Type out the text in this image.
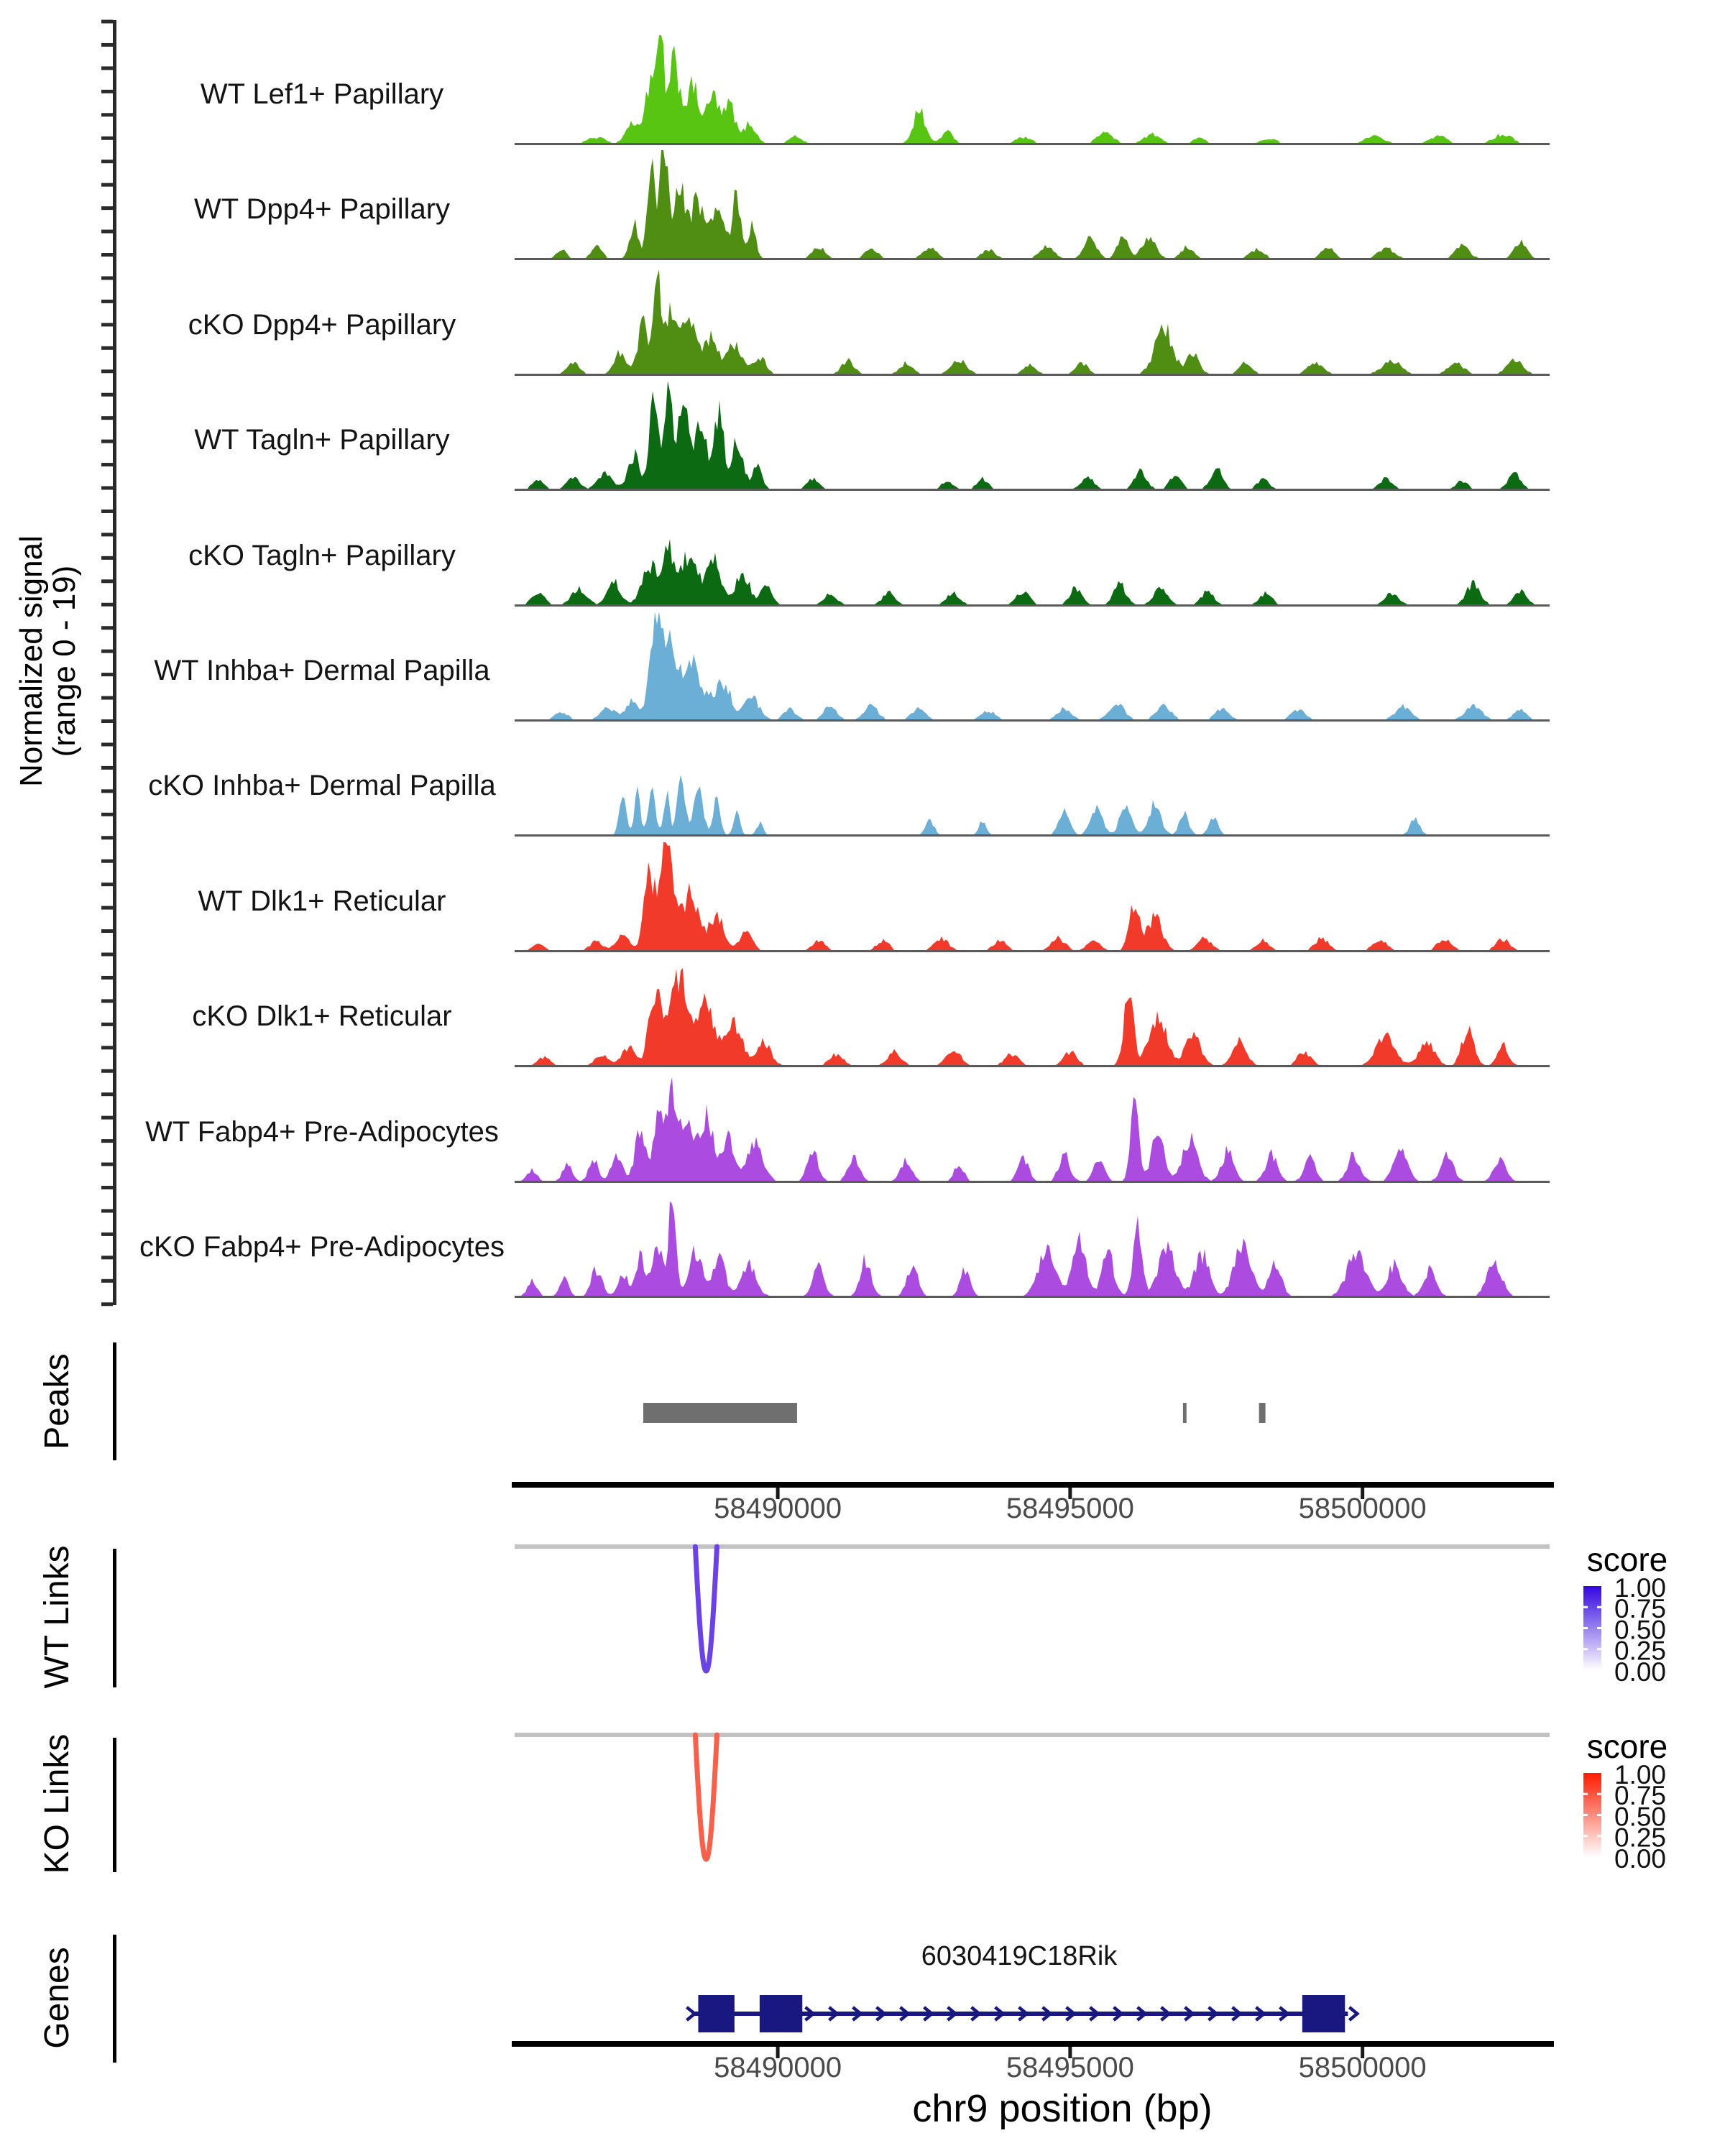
WT Lef1+ Papillary
WT Dpp4+ Papillary
cKO Dpp4+ Papillary
WT Tagln+ Papillary
cKO Tagln+ Papillary
WT Inhba+ Dermal Papilla
cKO Inhba+ Dermal Papilla
WT Dlk1+ Reticular
cKO Dlk1+ Reticular
WT Fabp4+ Pre-Adipocytes
cKO Fabp4+ Pre-Adipocytes
58490000	58495000	58500000
1.00
0.75
0.50
0.25
0.00
1.00
0.75
0.50
0.25
0.00
58490000	58495000	58500000
Normalized signal
(range 0 - 19)
Peaks
WT Links
KO Links
Genes
score
score
6030419C18Rik
chr9 position (bp)
